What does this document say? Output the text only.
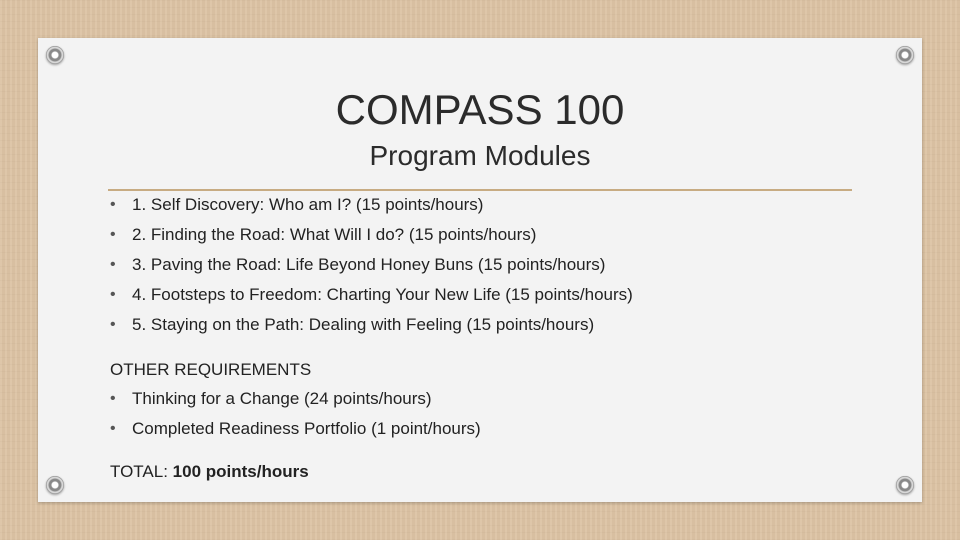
COMPASS 100
Program Modules
• 1. Self Discovery: Who am I? (15 points/hours)
• 2. Finding the Road: What Will I do? (15 points/hours)
• 3. Paving the Road: Life Beyond Honey Buns (15 points/hours)
• 4. Footsteps to Freedom: Charting Your New Life (15 points/hours)
• 5. Staying on the Path: Dealing with Feeling (15 points/hours)
OTHER REQUIREMENTS
• Thinking for a Change (24 points/hours)
• Completed Readiness Portfolio (1 point/hours)
TOTAL: 100 points/hours
